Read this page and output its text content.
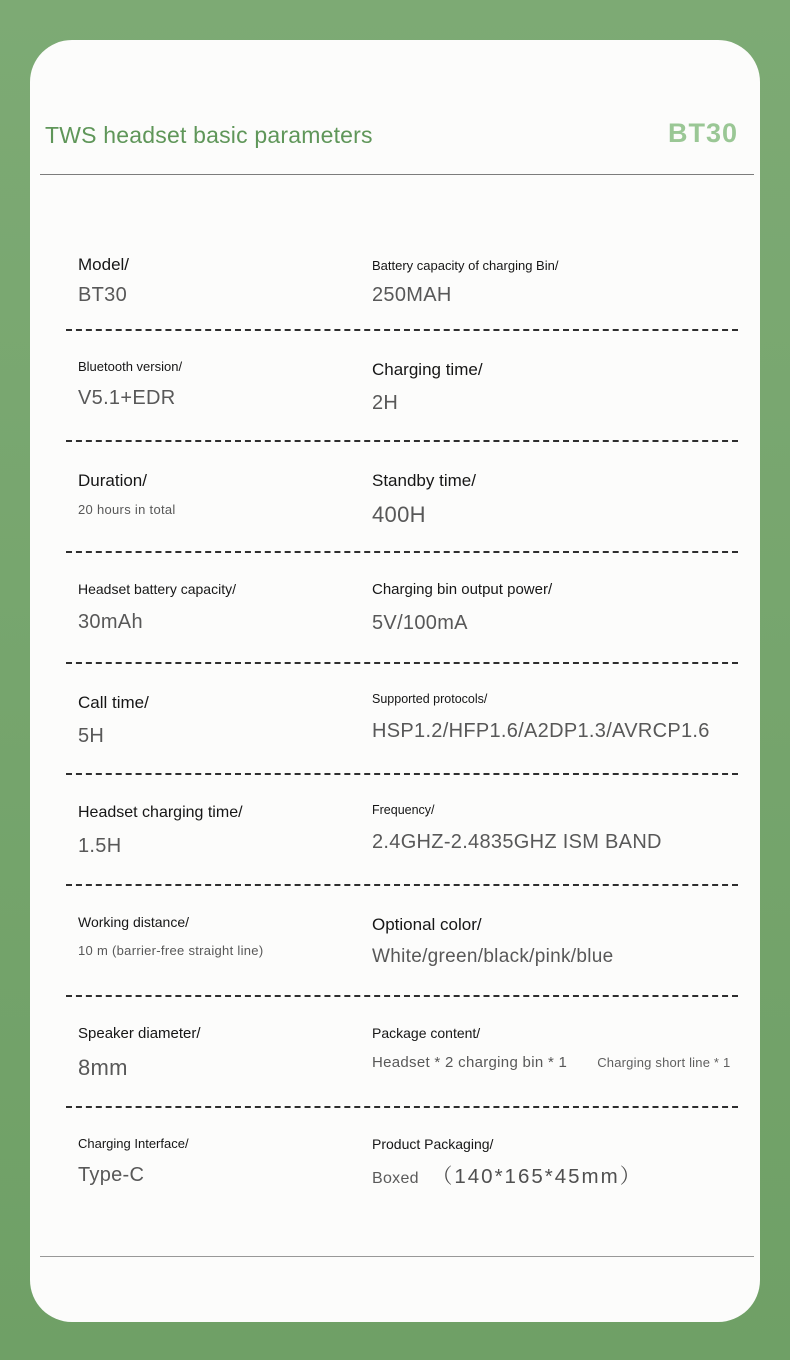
TWS headset basic parameters	BT30
Model/
BT30
Battery capacity of charging Bin/
250MAH
Bluetooth version/
V5.1+EDR
Charging time/
2H
Duration/
20 hours in total
Standby time/
400H
Headset battery capacity/
30mAh
Charging bin output power/
5V/100mA
Call time/
5H
Supported protocols/
HSP1.2/HFP1.6/A2DP1.3/AVRCP1.6
Headset charging time/
1.5H
Frequency/
2.4GHZ-2.4835GHZ ISM BAND
Working distance/
10 m (barrier-free straight line)
Optional color/
White/green/black/pink/blue
Speaker diameter/
8mm
Package content/
Headset * 2 charging bin * 1 Charging short line * 1
Charging Interface/
Type-C
Product Packaging/
Boxed （140*165*45mm）
